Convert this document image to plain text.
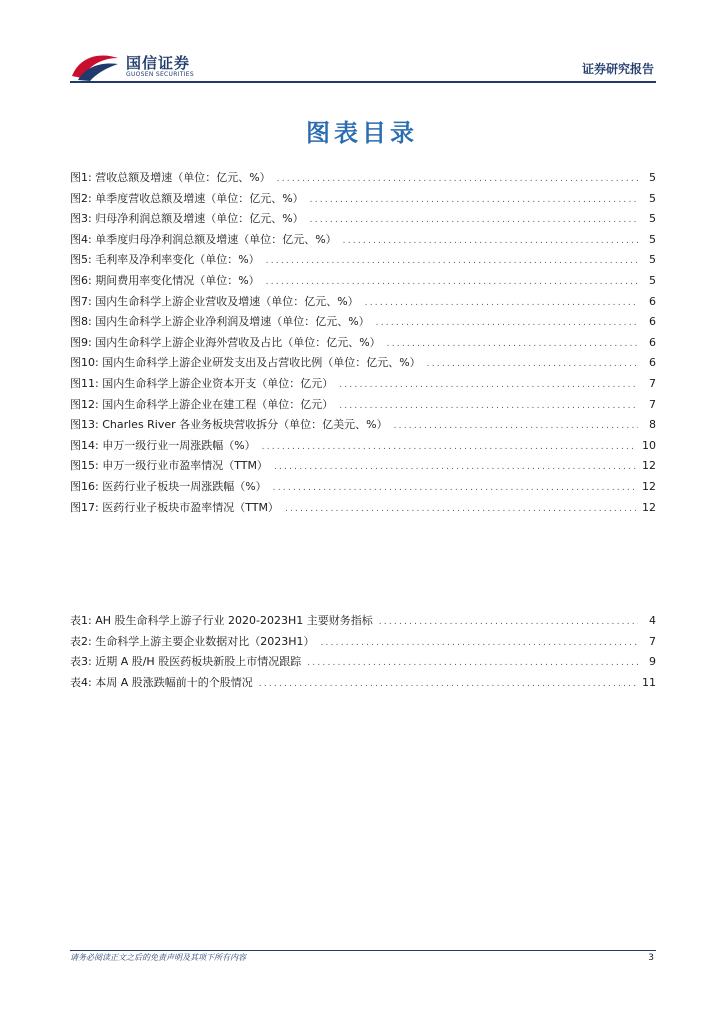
国信证券
GUOSEN SECURITIES	证券研究报告
图表目录
图1: 营收总额及增速（单位：亿元、%） .....	5
图2: 单季度营收总额及增速（单位：亿元、%） .....	5
图3: 归母净利润总额及增速（单位：亿元、%） .....	5
图4: 单季度归母净利润总额及增速（单位：亿元、%） .....	5
图5: 毛利率及净利率变化（单位：%） .....	5
图6: 期间费用率变化情况（单位：%） .....	5
图7: 国内生命科学上游企业营收及增速（单位：亿元、%） .....	6
图8: 国内生命科学上游企业净利润及增速（单位：亿元、%） .....	6
图9: 国内生命科学上游企业海外营收及占比（单位：亿元、%） .....	6
图10: 国内生命科学上游企业研发支出及占营收比例（单位：亿元、%） .....	6
图11: 国内生命科学上游企业资本开支（单位：亿元） .....	7
图12: 国内生命科学上游企业在建工程（单位：亿元） .....	7
图13: Charles River 各业务板块营收拆分（单位：亿美元、%） .....	8
图14: 申万一级行业一周涨跌幅（%） .....	10
图15: 申万一级行业市盈率情况（TTM） .....	12
图16: 医药行业子板块一周涨跌幅（%） .....	12
图17: 医药行业子板块市盈率情况（TTM） .....	12
表1: AH 股生命科学上游子行业 2020-2023H1 主要财务指标 .....	4
表2: 生命科学上游主要企业数据对比（2023H1） .....	7
表3: 近期 A 股/H 股医药板块新股上市情况跟踪 .....	9
表4: 本周 A 股涨跌幅前十的个股情况 .....	11
请务必阅读正文之后的免责声明及其项下所有内容	3
